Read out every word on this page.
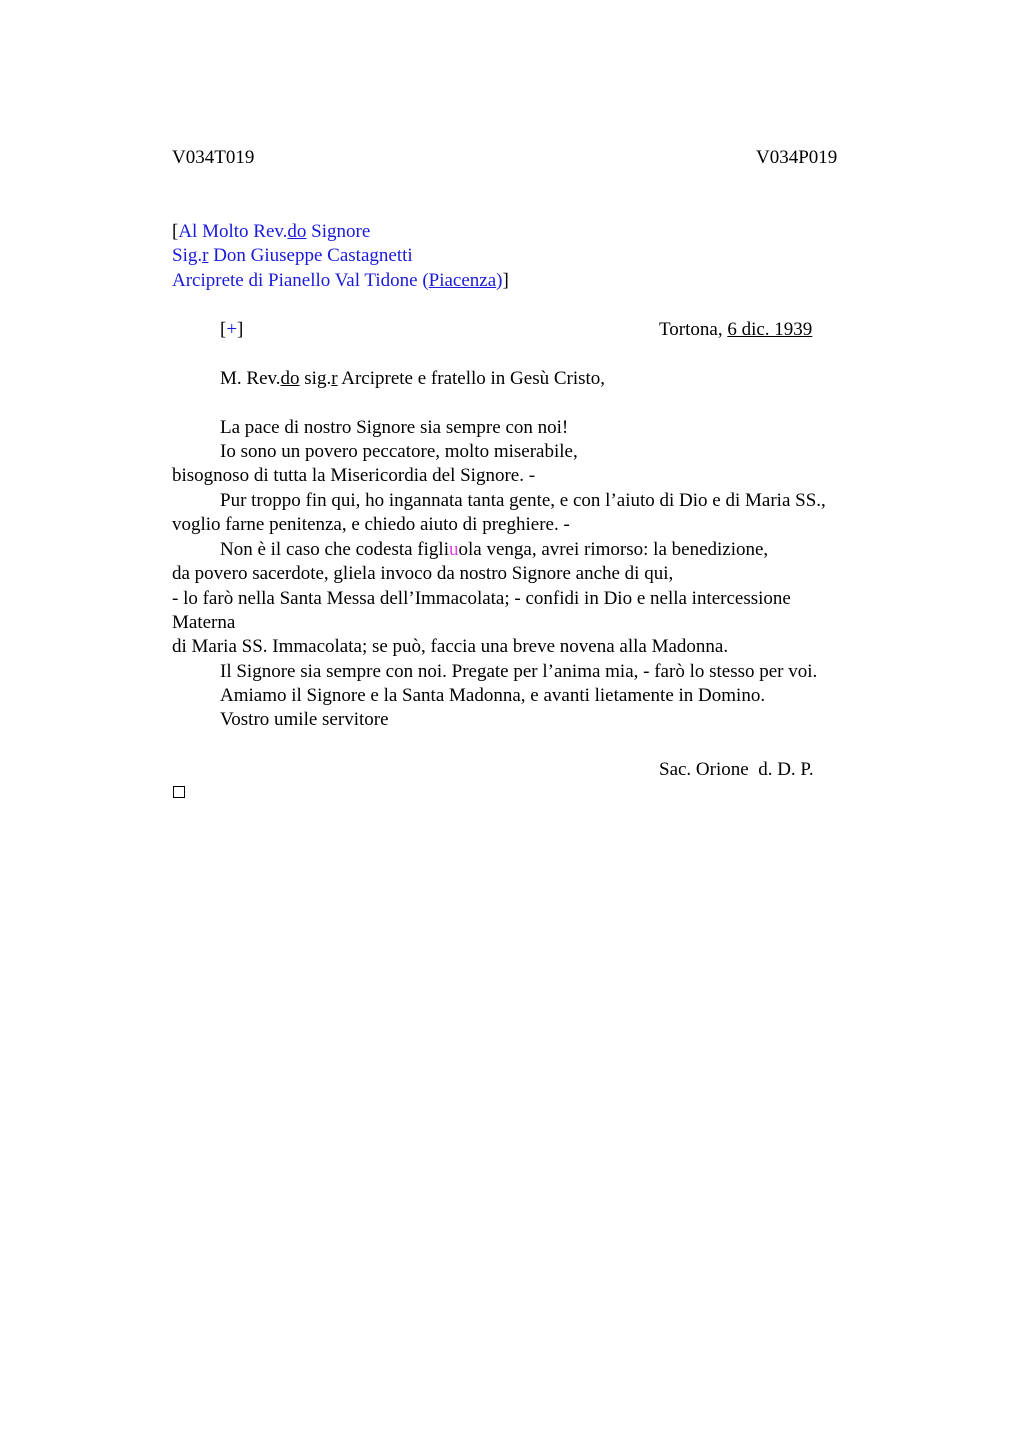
V034T019	V034P019
[Al Molto Rev.do Signore
Sig.r Don Giuseppe Castagnetti
Arciprete di Pianello Val Tidone (Piacenza)]
[+]	Tortona, 6 dic. 1939
M. Rev.do sig.r Arciprete e fratello in Gesù Cristo,
La pace di nostro Signore sia sempre con noi!
Io sono un povero peccatore, molto miserabile,
bisognoso di tutta la Misericordia del Signore. -
Pur troppo fin qui, ho ingannata tanta gente, e con l’aiuto di Dio e di Maria SS.,
voglio farne penitenza, e chiedo aiuto di preghiere. -
Non è il caso che codesta figliuola venga, avrei rimorso: la benedizione,
da povero sacerdote, gliela invoco da nostro Signore anche di qui,
- lo farò nella Santa Messa dell’Immacolata; - confidi in Dio e nella intercessione
Materna
di Maria SS. Immacolata; se può, faccia una breve novena alla Madonna.
Il Signore sia sempre con noi. Pregate per l’anima mia, - farò lo stesso per voi.
Amiamo il Signore e la Santa Madonna, e avanti lietamente in Domino.
Vostro umile servitore
Sac. Orione  d. D. P.
